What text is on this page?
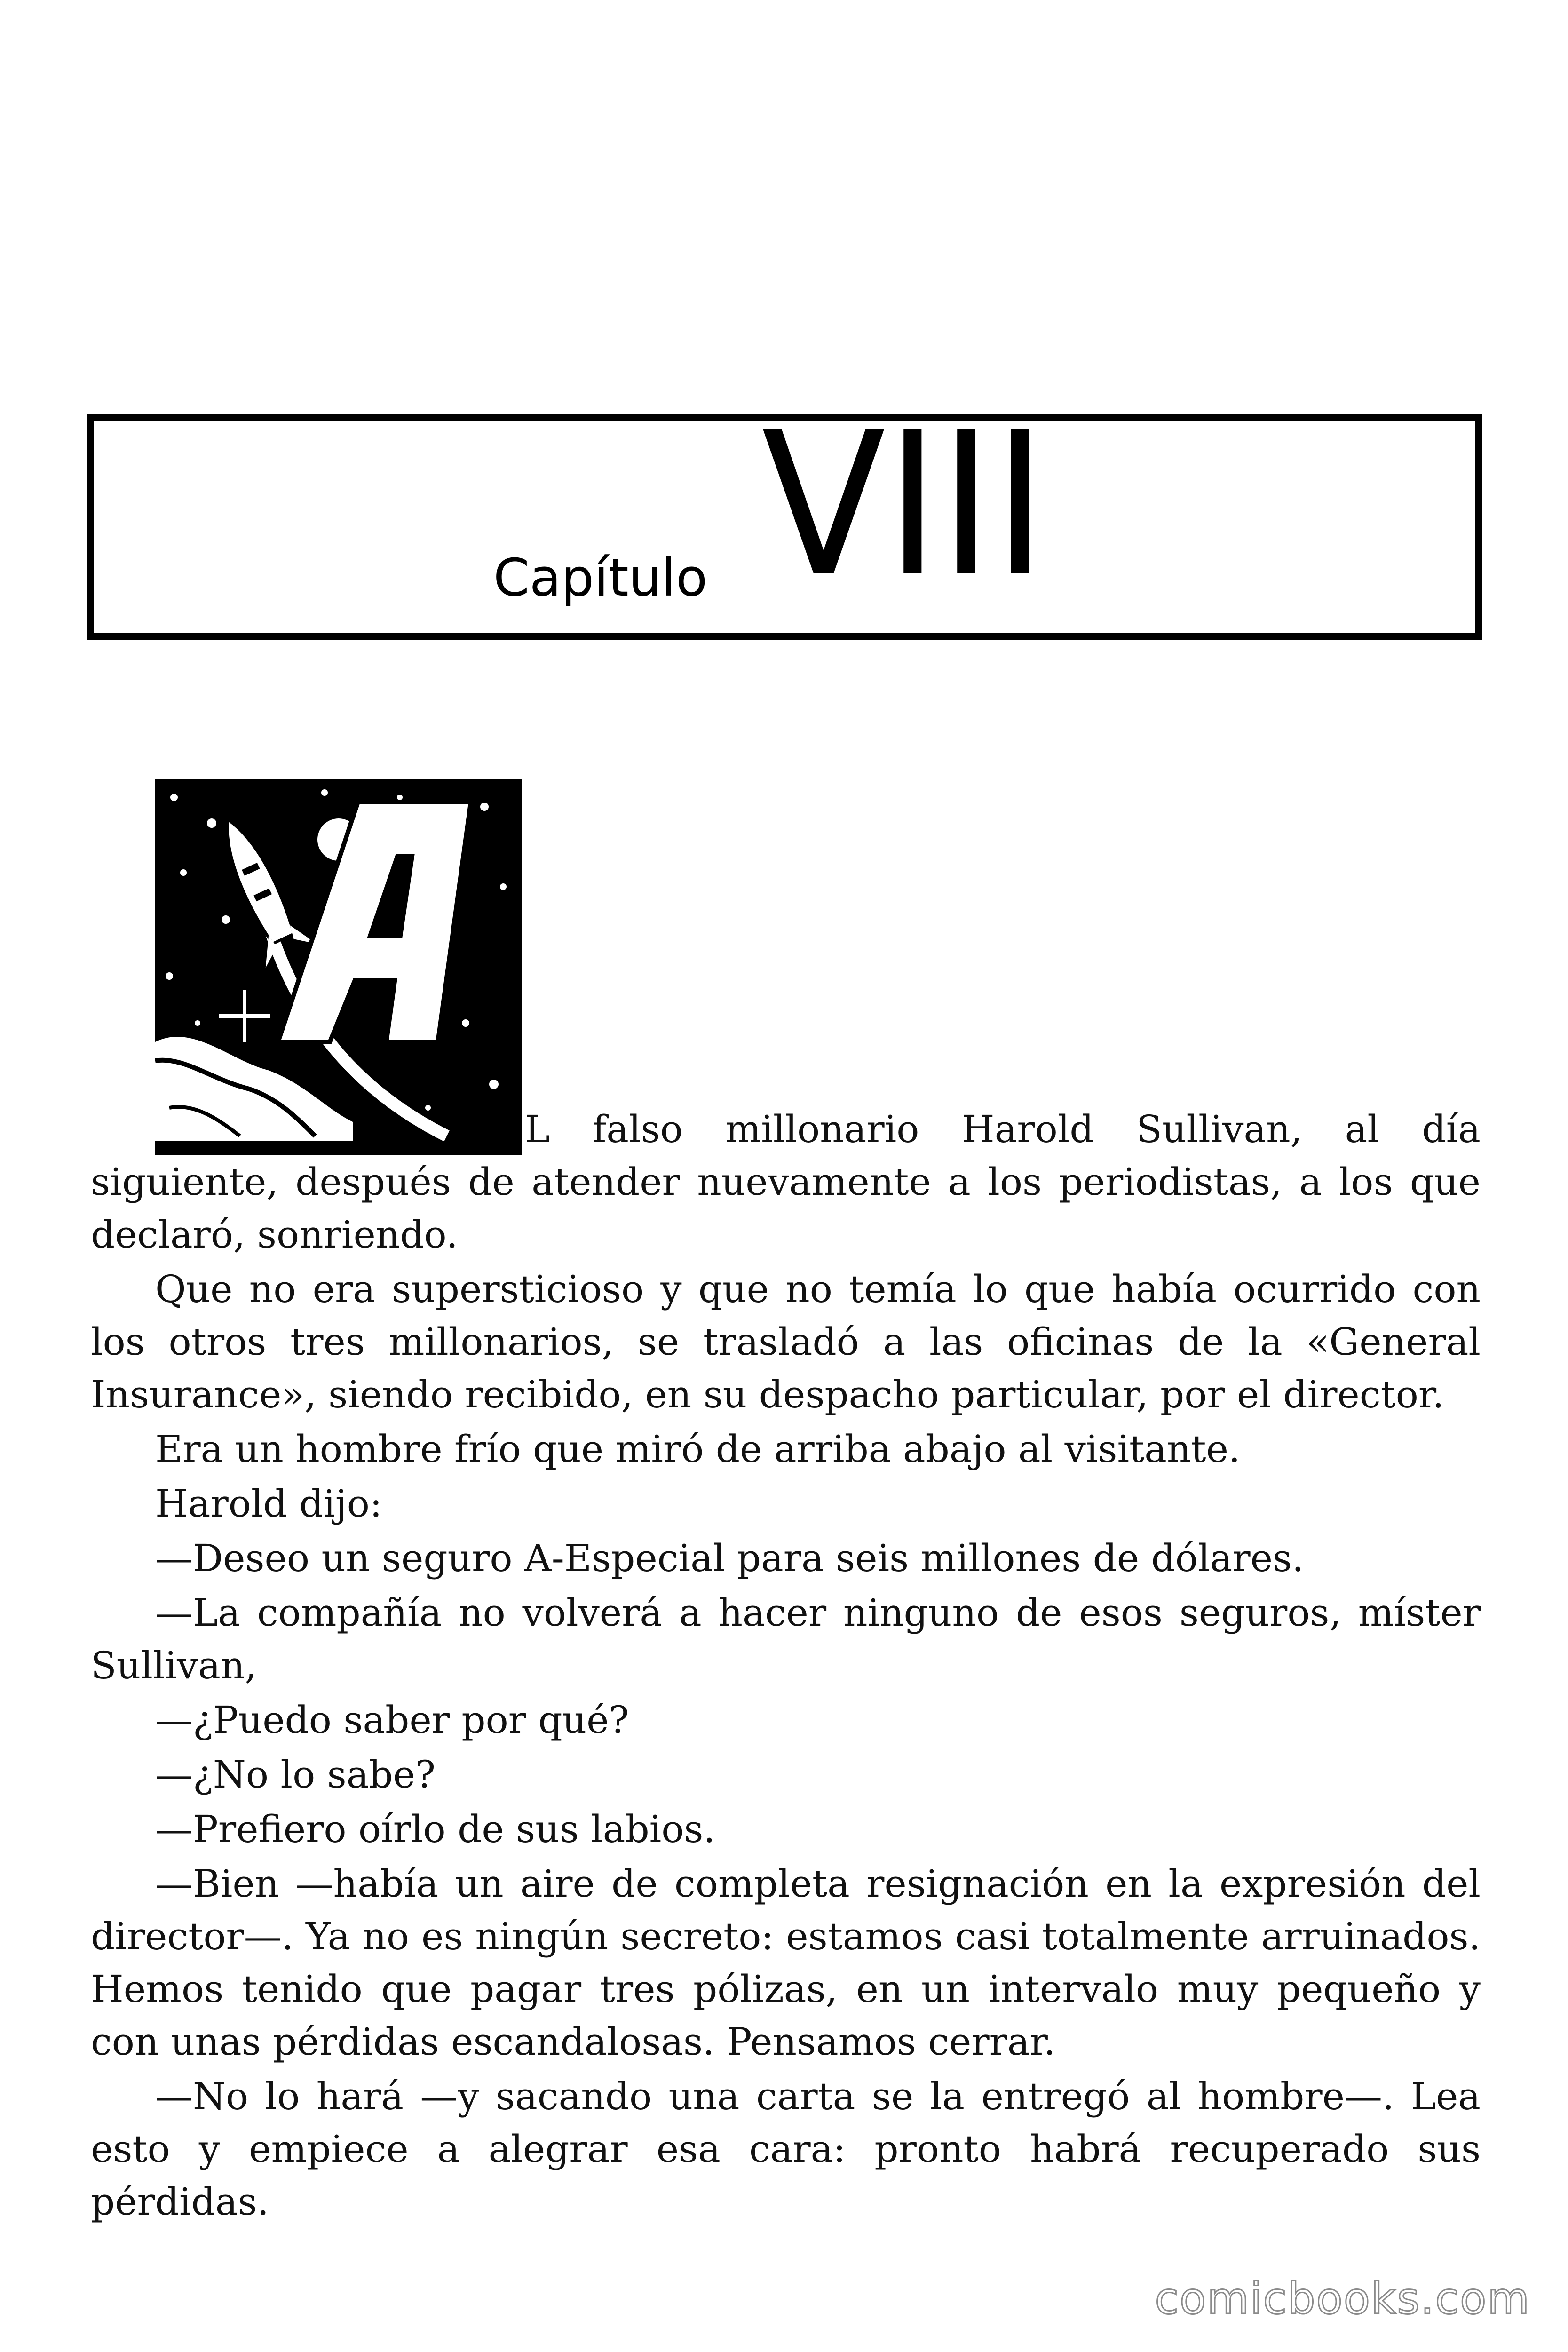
Capítulo VIII

L falso millonario Harold Sullivan, al día siguiente, después de atender nuevamente a los periodistas, a los que declaró, sonriendo.

Que no era supersticioso y que no temía lo que había ocurrido con los otros tres millonarios, se trasladó a las oficinas de la «General Insurance», siendo recibido, en su despacho particular, por el director.

Era un hombre frío que miró de arriba abajo al visitante.

Harold dijo:

—Deseo un seguro A-Especial para seis millones de dólares.

—La compañía no volverá a hacer ninguno de esos seguros, míster Sullivan,

—¿Puedo saber por qué?

—¿No lo sabe?

—Prefiero oírlo de sus labios.

—Bien —había un aire de completa resignación en la expresión del director—. Ya no es ningún secreto: estamos casi totalmente arruinados. Hemos tenido que pagar tres pólizas, en un intervalo muy pequeño y con unas pérdidas escandalosas. Pensamos cerrar.

—No lo hará —y sacando una carta se la entregó al hombre—. Lea esto y empiece a alegrar esa cara: pronto habrá recuperado sus pérdidas.

comicbooks.com
